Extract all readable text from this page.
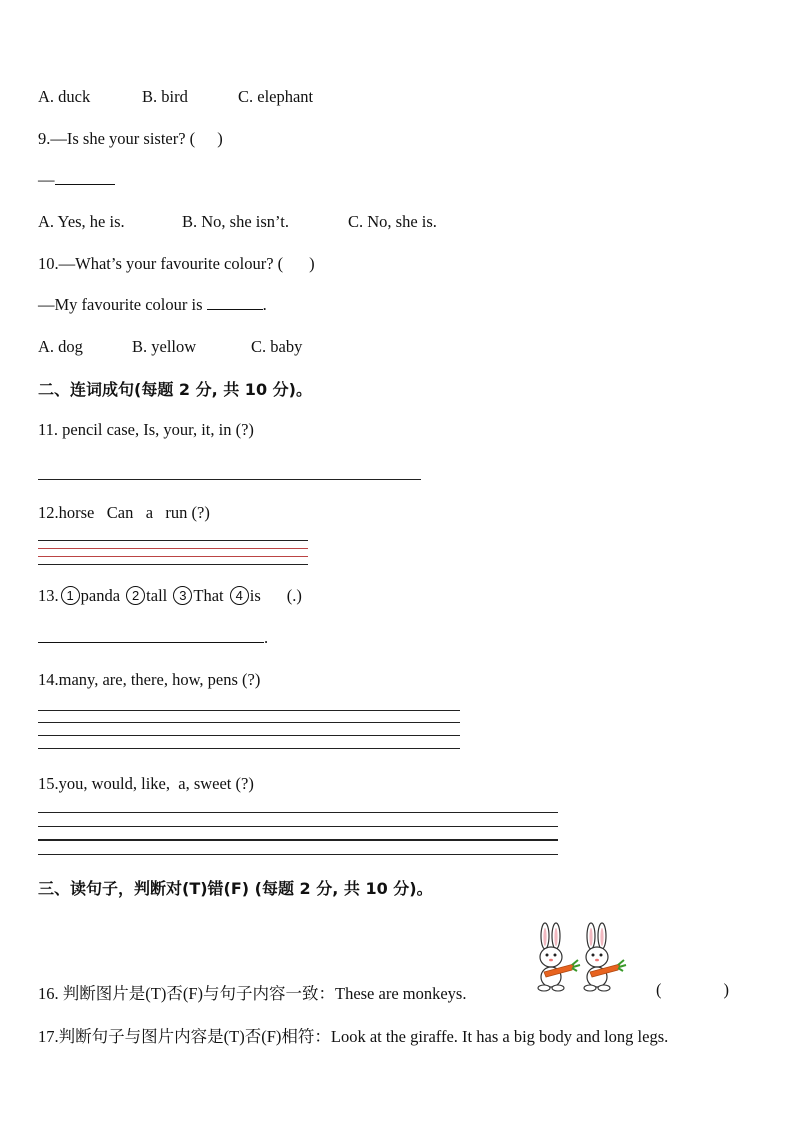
A. duck	B. bird	C. elephant
9.—Is she your sister? ( )
—
A. Yes, he is.	B. No, she isn’t.	C. No, she is.
10.—What’s your favourite colour? ( )
—My favourite colour is	.
A. dog	B. yellow	C. baby
二、连词成句(每题 2 分, 共 10 分)。
11. pencil case, Is, your, it, in (?)
12.horse   Can   a   run (?)
13. 1 panda 2 tall 3 That 4 is (.)
.
14.many, are, there, how, pens (?)
15.you, would, like,  a, sweet (?)
三、读句子，判断对(T)错(F) (每题 2 分, 共 10 分)。
16. 判断图片是(T)否(F)与句子内容一致：These are monkeys.	(	)
17.判断句子与图片内容是(T)否(F)相符：Look at the giraffe. It has a big body and long legs.
